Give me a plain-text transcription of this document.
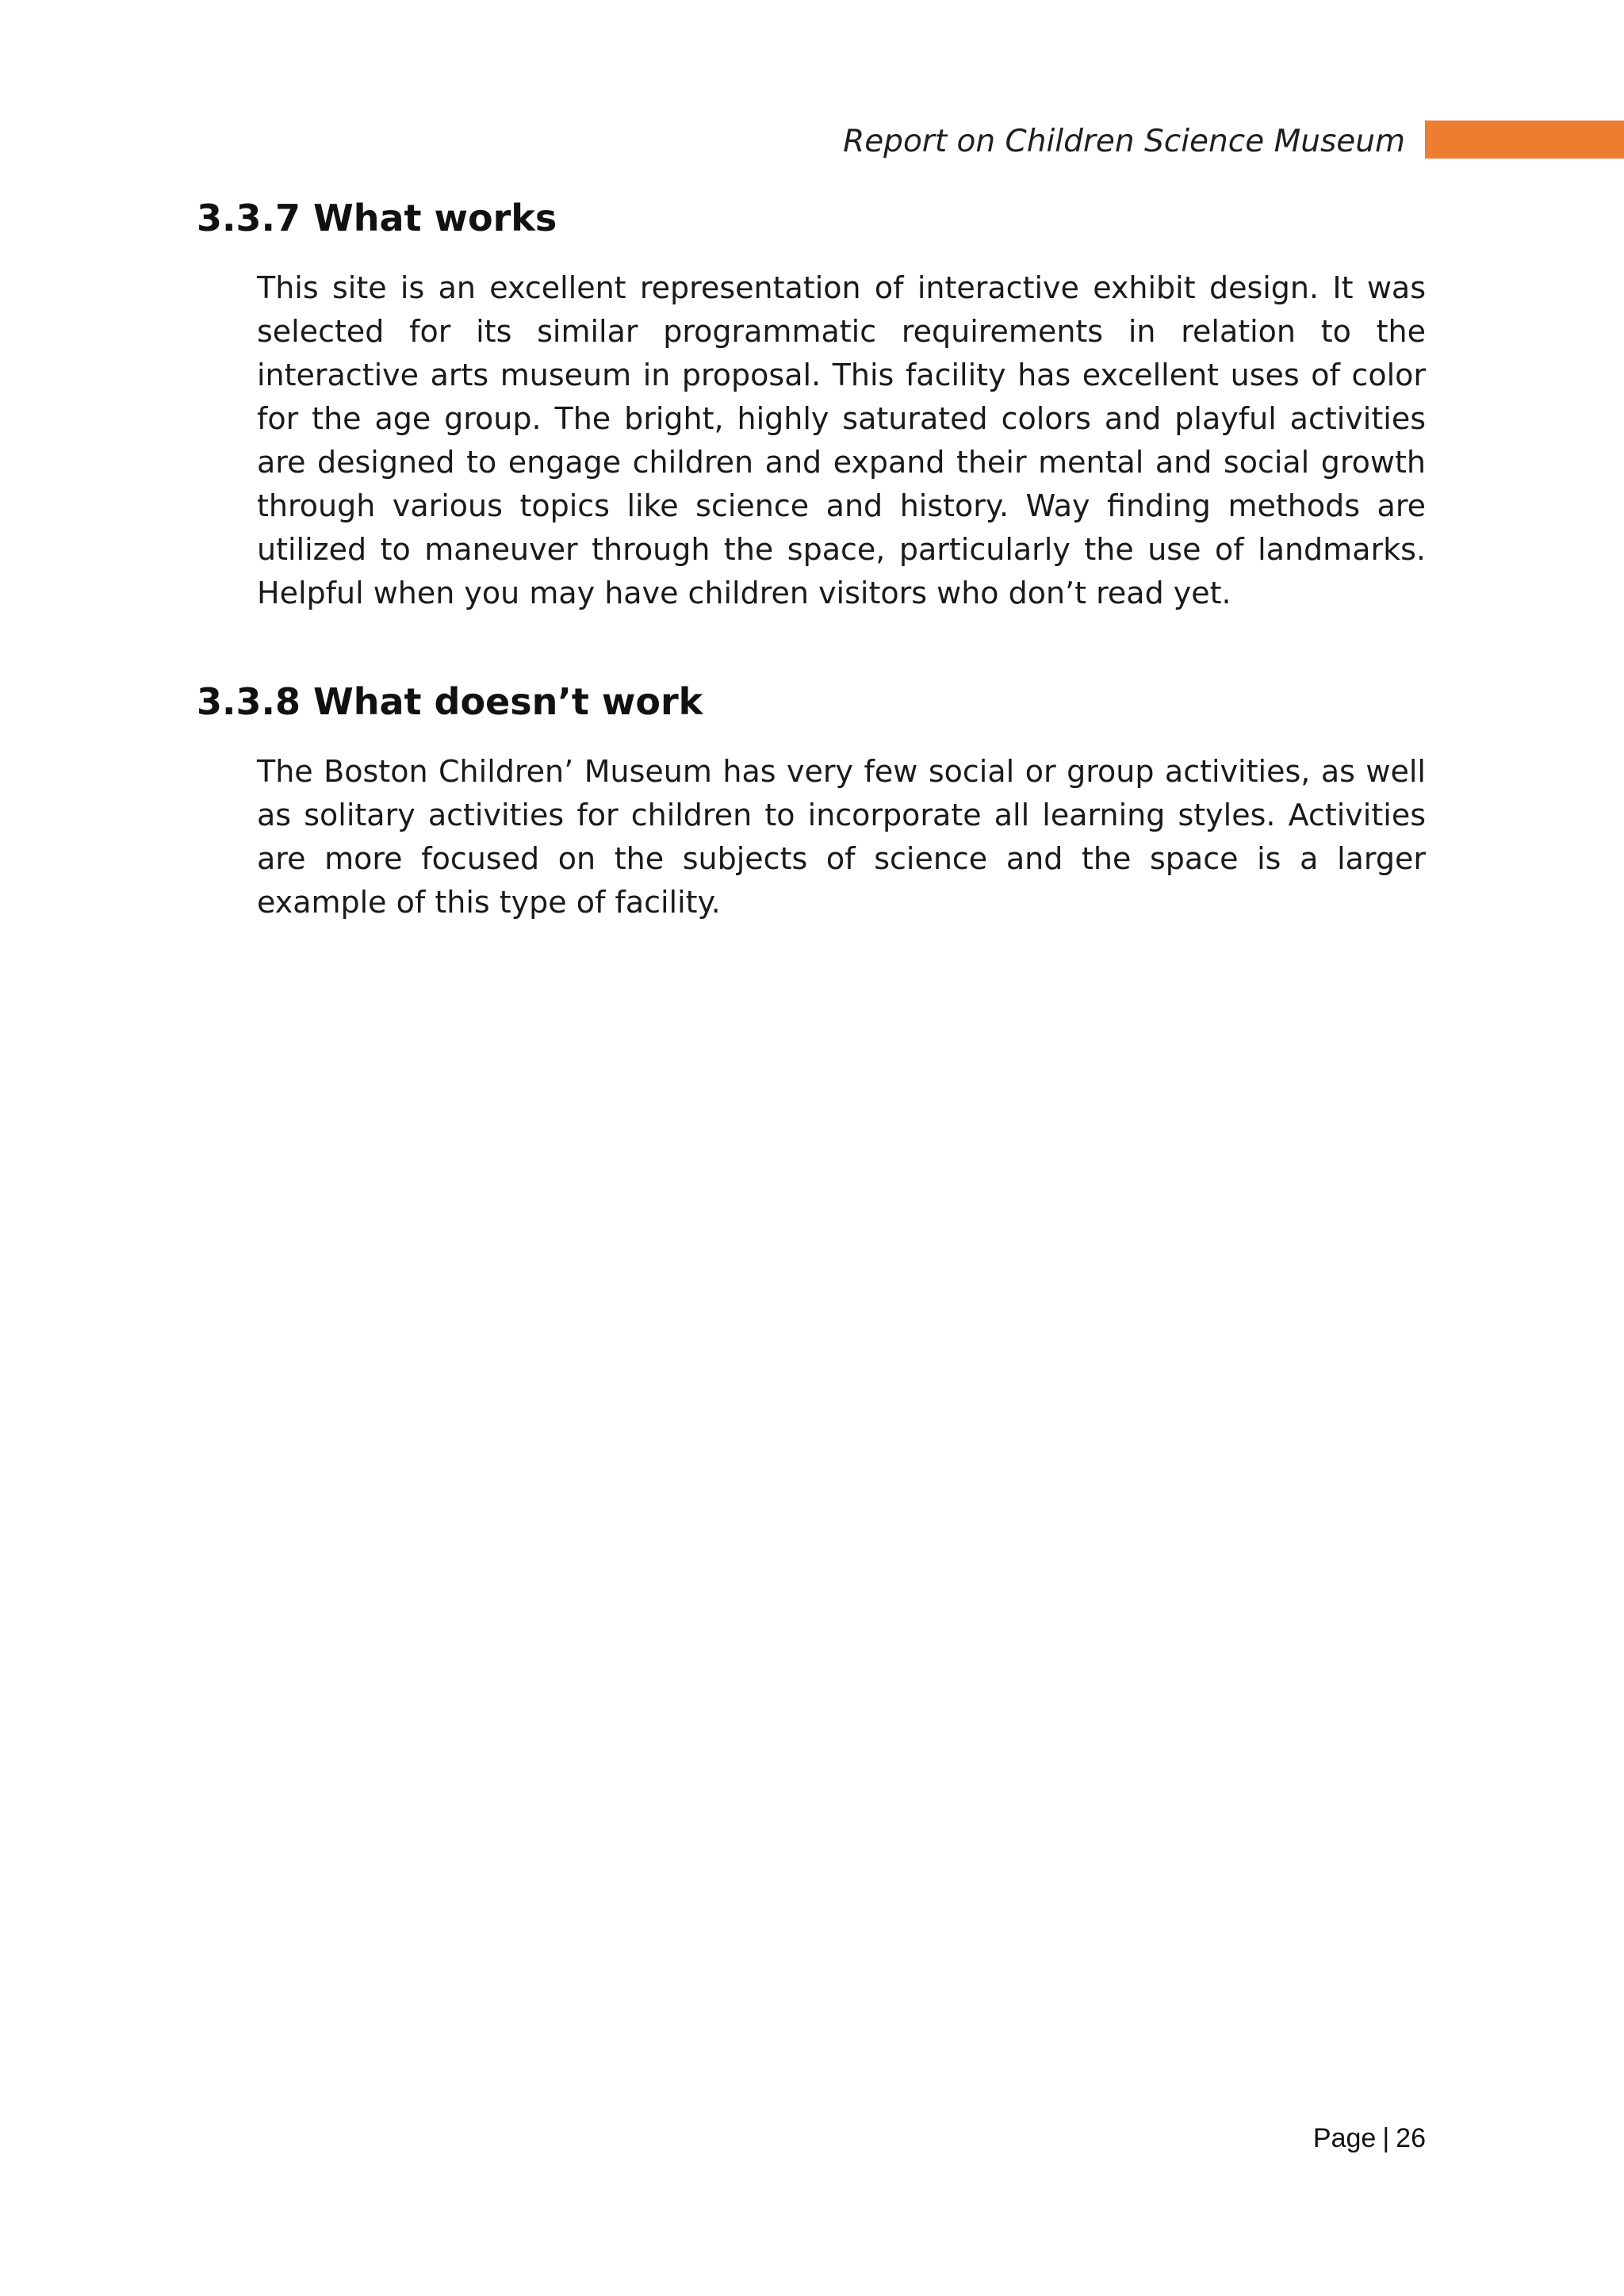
Report on Children Science Museum
3.3.7 What works

This site is an excellent representation of interactive exhibit design. It was selected for its similar programmatic requirements in relation to the interactive arts museum in proposal. This facility has excellent uses of color for the age group. The bright, highly saturated colors and playful activities are designed to engage children and expand their mental and social growth through various topics like science and history. Way finding methods are utilized to maneuver through the space, particularly the use of landmarks. Helpful when you may have children visitors who don’t read yet.

3.3.8 What doesn’t work

The Boston Children’ Museum has very few social or group activities, as well as solitary activities for children to incorporate all learning styles. Activities are more focused on the subjects of science and the space is a larger example of this type of facility.

Page | 26
